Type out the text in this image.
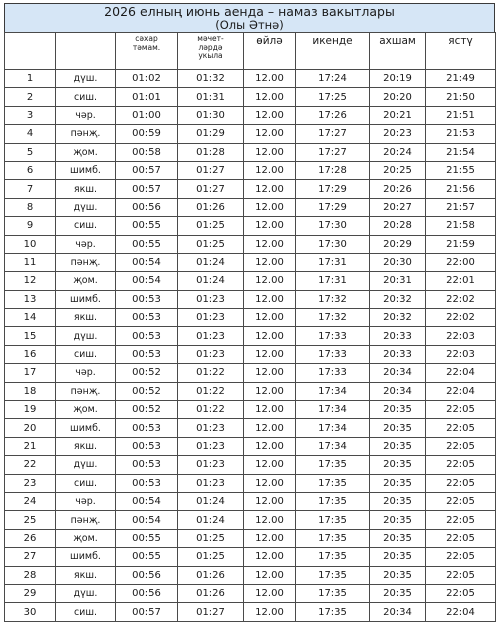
2026 елның июнь аенда – намаз вакытлары
(Олы Әтнә)
		сәхар
тәмам.	мәчет-
ләрдә
укыла	өйлә	икенде	ахшам	ястү
1	дүш.	01:02	01:32	12.00	17:24	20:19	21:49
2	сиш.	01:01	01:31	12.00	17:25	20:20	21:50
3	чәр.	01:00	01:30	12.00	17:26	20:21	21:51
4	пәнҗ.	00:59	01:29	12.00	17:27	20:23	21:53
5	җом.	00:58	01:28	12.00	17:27	20:24	21:54
6	шимб.	00:57	01:27	12.00	17:28	20:25	21:55
7	якш.	00:57	01:27	12.00	17:29	20:26	21:56
8	дүш.	00:56	01:26	12.00	17:29	20:27	21:57
9	сиш.	00:55	01:25	12.00	17:30	20:28	21:58
10	чәр.	00:55	01:25	12.00	17:30	20:29	21:59
11	пәнҗ.	00:54	01:24	12.00	17:31	20:30	22:00
12	җом.	00:54	01:24	12.00	17:31	20:31	22:01
13	шимб.	00:53	01:23	12.00	17:32	20:32	22:02
14	якш.	00:53	01:23	12.00	17:32	20:32	22:02
15	дүш.	00:53	01:23	12.00	17:33	20:33	22:03
16	сиш.	00:53	01:23	12.00	17:33	20:33	22:03
17	чәр.	00:52	01:22	12.00	17:33	20:34	22:04
18	пәнҗ.	00:52	01:22	12.00	17:34	20:34	22:04
19	җом.	00:52	01:22	12.00	17:34	20:35	22:05
20	шимб.	00:53	01:23	12.00	17:34	20:35	22:05
21	якш.	00:53	01:23	12.00	17:34	20:35	22:05
22	дүш.	00:53	01:23	12.00	17:35	20:35	22:05
23	сиш.	00:53	01:23	12.00	17:35	20:35	22:05
24	чәр.	00:54	01:24	12.00	17:35	20:35	22:05
25	пәнҗ.	00:54	01:24	12.00	17:35	20:35	22:05
26	җом.	00:55	01:25	12.00	17:35	20:35	22:05
27	шимб.	00:55	01:25	12.00	17:35	20:35	22:05
28	якш.	00:56	01:26	12.00	17:35	20:35	22:05
29	дүш.	00:56	01:26	12.00	17:35	20:35	22:05
30	сиш.	00:57	01:27	12.00	17:35	20:34	22:04
